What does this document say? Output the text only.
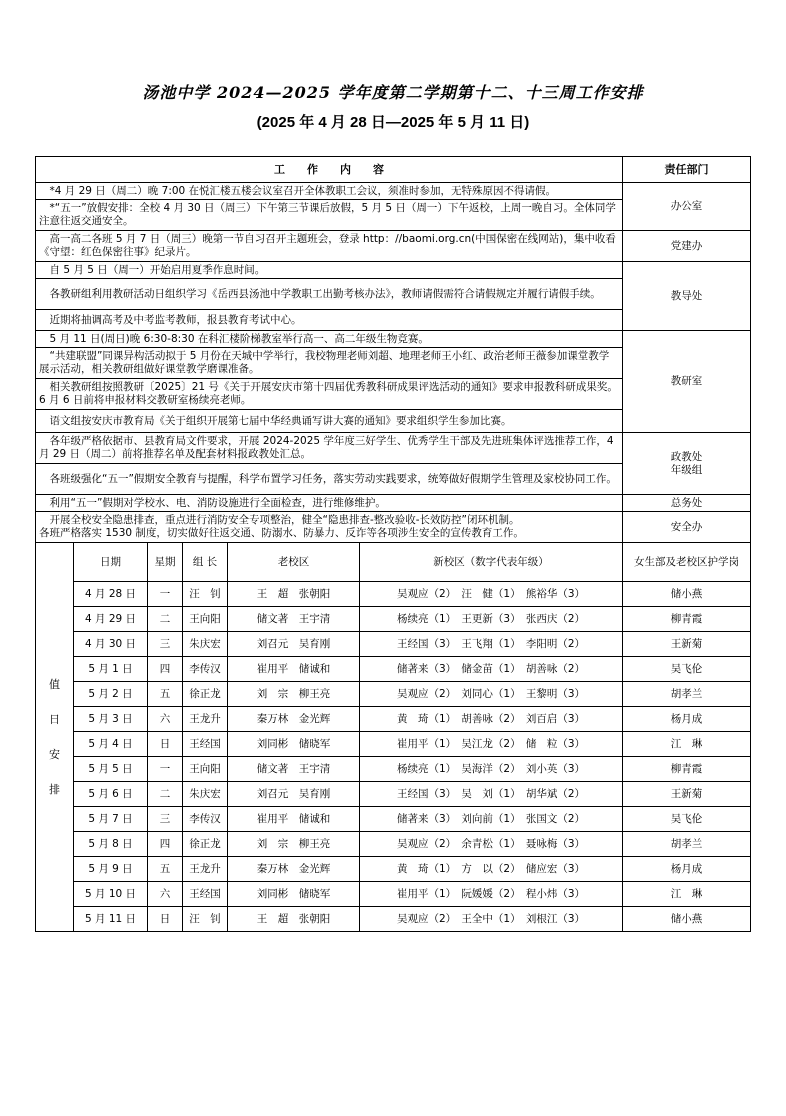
汤池中学 2024—2025 学年度第二学期第十二、十三周工作安排
(2025 年 4 月 28 日—2025 年 5 月 11 日)
工　　作　　内　　容						责任部门
　*4 月 29 日（周二）晚 7:00 在悦汇楼五楼会议室召开全体教职工会议，须准时参加，无特殊原因不得请假。						办公室
　*“五一”放假安排：全校 4 月 30 日（周三）下午第三节课后放假，5 月 5 日（周一）下午返校，上周一晚自习。全体同学注意往返交通安全。						
　高一高二各班 5 月 7 日（周三）晚第一节自习召开主题班会，登录 http：//baomi.org.cn(中国保密在线网站)，集中收看《守望：红色保密往事》纪录片。						党建办
　自 5 月 5 日（周一）开始启用夏季作息时间。						教导处
　各教研组利用教研活动日组织学习《岳西县汤池中学教职工出勤考核办法》，教师请假需符合请假规定并履行请假手续。						
　近期将抽调高考及中考监考教师，报县教育考试中心。						
　5 月 11 日(周日)晚 6:30-8:30 在科汇楼阶梯教室举行高一、高二年级生物竞赛。						教研室
　“共建联盟”同课异构活动拟于 5 月份在天城中学举行，我校物理老师刘超、地理老师王小红、政治老师王薇参加课堂教学展示活动，相关教研组做好课堂教学磨课准备。						
　相关教研组按照教研〔2025〕21 号《关于开展安庆市第十四届优秀教科研成果评选活动的通知》要求申报教科研成果奖。6 月 6 日前将申报材料交教研室杨续亮老师。						
　语文组按安庆市教育局《关于组织开展第七届中华经典诵写讲大赛的通知》要求组织学生参加比赛。						
　各年级严格依据市、县教育局文件要求，开展 2024-2025 学年度三好学生、优秀学生干部及先进班集体评选推荐工作，4 月 29 日（周二）前将推荐名单及配套材料报政教处汇总。						政教处
年级组
　各班级强化“五一”假期安全教育与提醒，科学布置学习任务，落实劳动实践要求，统筹做好假期学生管理及家校协同工作。						
　利用“五一”假期对学校水、电、消防设施进行全面检查，进行维修维护。						总务处
　开展全校安全隐患排查，重点进行消防安全专项整治，健全“隐患排查-整改验收-长效防控”闭环机制。
各班严格落实 1530 制度，切实做好往返交通、防溺水、防暴力、反诈等各项涉生安全的宣传教育工作。						安全办

值
日
安
排	日期	星期	组 长	老校区	新校区（数字代表年级）	女生部及老校区护学岗
	4 月 28 日	一	汪　钊	王　超　张朝阳	吴观应（2）　汪　健（1）　熊裕华（3）	储小燕
	4 月 29 日	二	王向阳	储文著　王宇清	杨续亮（1）　王更新（3）　张西庆（2）	柳青霞
	4 月 30 日	三	朱庆宏	刘召元　吴育刚	王经国（3）　王飞翔（1）　李阳明（2）	王新菊
	5 月 1 日	四	李传汉	崔用平　储诚和	储著来（3）　储金苗（1）　胡善咏（2）	吴飞伦
	5 月 2 日	五	徐正龙	刘　宗　柳王亮	吴观应（2）　刘同心（1）　王黎明（3）	胡孝兰
	5 月 3 日	六	王龙升	秦万林　金光辉	黄　琦（1）　胡善咏（2）　刘百启（3）	杨月成
	5 月 4 日	日	王经国	刘同彬　储晓军	崔用平（1）　吴江龙（2）　储　粒（3）	江　琳
	5 月 5 日	一	王向阳	储文著　王宇清	杨续亮（1）　吴海洋（2）　刘小英（3）	柳青霞
	5 月 6 日	二	朱庆宏	刘召元　吴育刚	王经国（3）　吴　刘（1）　胡华斌（2）	王新菊
	5 月 7 日	三	李传汉	崔用平　储诚和	储著来（3）　刘向前（1）　张国文（2）	吴飞伦
	5 月 8 日	四	徐正龙	刘　宗　柳王亮	吴观应（2）　余青松（1）　聂咏梅（3）	胡孝兰
	5 月 9 日	五	王龙升	秦万林　金光辉	黄　琦（1）　方　以（2）　储应宏（3）	杨月成
	5 月 10 日	六	王经国	刘同彬　储晓军	崔用平（1）　阮媛媛（2）　程小炜（3）	江　琳
	5 月 11 日	日	汪　钊	王　超　张朝阳	吴观应（2）　王全中（1）　刘根江（3）	储小燕
